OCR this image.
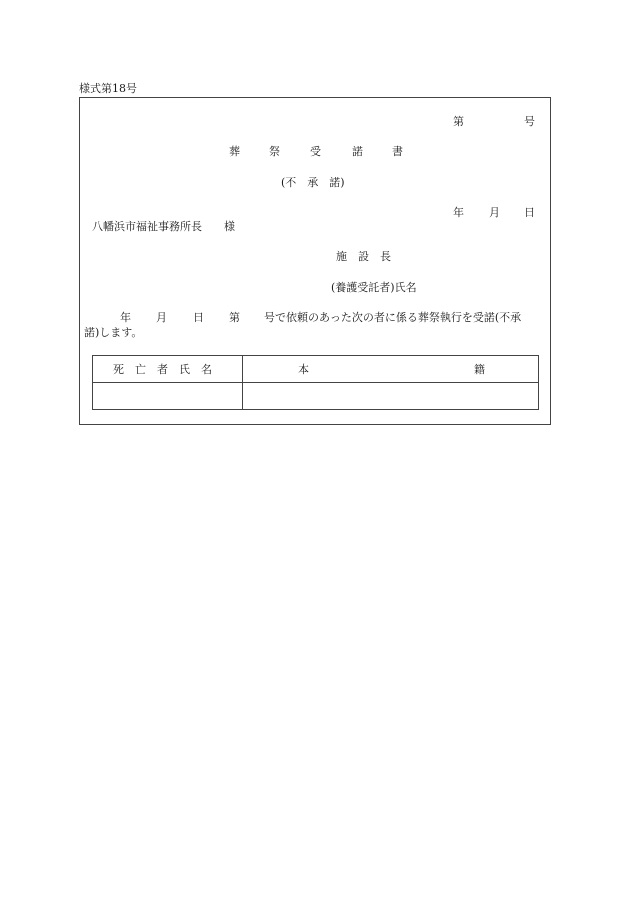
様式第18号
第	号
葬	祭	受	諾	書
(不　承　諾)
年 月 日
八幡浜市福祉事務所長　　様
施　設　長
(養護受託者)氏名
年 月 日 第 号で依頼のあった次の者に係る葬祭執行を受諾(不承
諾)します。
死　亡　者　氏　名	本	籍
